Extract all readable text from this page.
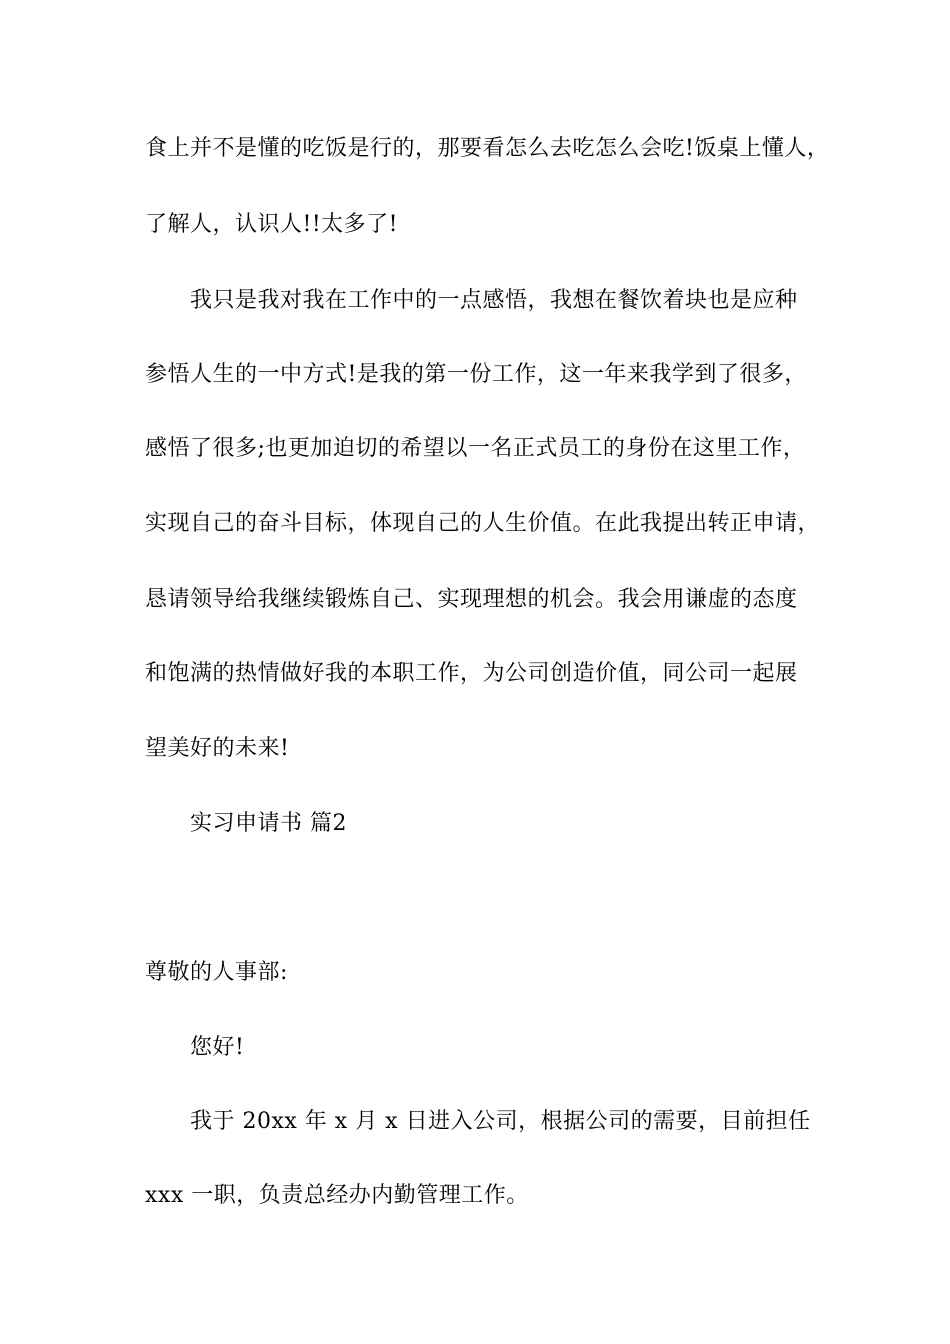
食上并不是懂的吃饭是行的，那要看怎么去吃怎么会吃!饭桌上懂人，
了解人，认识人!!太多了!
我只是我对我在工作中的一点感悟，我想在餐饮着块也是应种
参悟人生的一中方式!是我的第一份工作，这一年来我学到了很多，
感悟了很多;也更加迫切的希望以一名正式员工的身份在这里工作，
实现自己的奋斗目标，体现自己的人生价值。在此我提出转正申请，
恳请领导给我继续锻炼自己、实现理想的机会。我会用谦虚的态度
和饱满的热情做好我的本职工作，为公司创造价值，同公司一起展
望美好的未来!
实习申请书 篇2
尊敬的人事部:
您好!
我于 20xx 年 x 月 x 日进入公司，根据公司的需要，目前担任
xxx 一职，负责总经办内勤管理工作。
